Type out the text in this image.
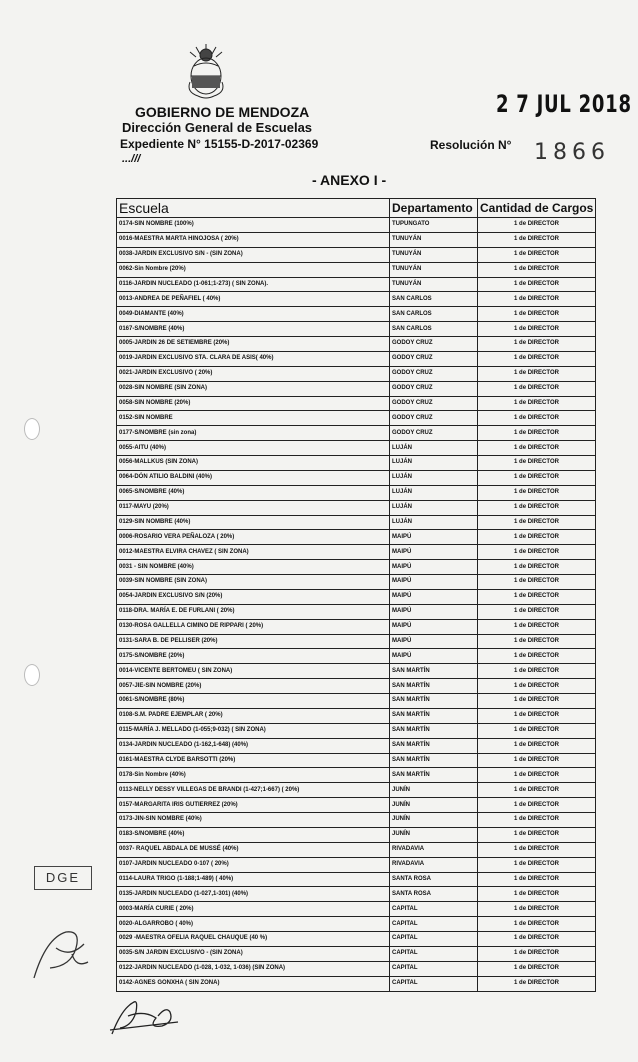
GOBIERNO DE MENDOZA
Dirección General de Escuelas
Expediente N° 15155-D-2017-02369
...///
2 7 JUL 2018
Resolución N° 1866
- ANEXO I -
Escuela	Departamento	Cantidad de Cargos
0174-SIN NOMBRE (100%)	TUPUNGATO	1 de DIRECTOR
0016-MAESTRA MARTA HINOJOSA ( 20%)	TUNUYÁN	1 de DIRECTOR
0038-JARDIN EXCLUSIVO S/N - (SIN ZONA)	TUNUYÁN	1 de DIRECTOR
0062-Sin Nombre (20%)	TUNUYÁN	1 de DIRECTOR
0116-JARDIN NUCLEADO (1-061;1-273) ( SIN ZONA).	TUNUYÁN	1 de DIRECTOR
0013-ANDREA DE PEÑAFIEL ( 40%)	SAN CARLOS	1 de DIRECTOR
0049-DIAMANTE (40%)	SAN CARLOS	1 de DIRECTOR
0167-S/NOMBRE (40%)	SAN CARLOS	1 de DIRECTOR
0005-JARDIN 26 DE SETIEMBRE (20%)	GODOY CRUZ	1 de DIRECTOR
0019-JARDIN EXCLUSIVO STA. CLARA DE ASIS( 40%)	GODOY CRUZ	1 de DIRECTOR
0021-JARDIN EXCLUSIVO ( 20%)	GODOY CRUZ	1 de DIRECTOR
0028-SIN NOMBRE (SIN ZONA)	GODOY CRUZ	1 de DIRECTOR
0058-SIN NOMBRE (20%)	GODOY CRUZ	1 de DIRECTOR
0152-SIN NOMBRE	GODOY CRUZ	1 de DIRECTOR
0177-S/NOMBRE (sin zona)	GODOY CRUZ	1 de DIRECTOR
0055-AITU (40%)	LUJÁN	1 de DIRECTOR
0056-MALLKUS (SIN ZONA)	LUJÁN	1 de DIRECTOR
0064-DÓN ATILIO BALDINI (40%)	LUJÁN	1 de DIRECTOR
0065-S/NOMBRE (40%)	LUJÁN	1 de DIRECTOR
0117-MAYU (20%)	LUJÁN	1 de DIRECTOR
0129-SIN NOMBRE (40%)	LUJÁN	1 de DIRECTOR
0006-ROSARIO VERA PEÑALOZA ( 20%)	MAIPÚ	1 de DIRECTOR
0012-MAESTRA ELVIRA CHAVEZ ( SIN ZONA)	MAIPÚ	1 de DIRECTOR
0031 - SIN NOMBRE (40%)	MAIPÚ	1 de DIRECTOR
0039-SIN NOMBRE (SIN ZONA)	MAIPÚ	1 de DIRECTOR
0054-JARDIN EXCLUSIVO S/N (20%)	MAIPÚ	1 de DIRECTOR
0118-DRA. MARÍA E. DE FURLANI ( 20%)	MAIPÚ	1 de DIRECTOR
0130-ROSA GALLELLA CIMINO DE RIPPARI ( 20%)	MAIPÚ	1 de DIRECTOR
0131-SARA B. DE PELLISER (20%)	MAIPÚ	1 de DIRECTOR
0175-S/NOMBRE (20%)	MAIPÚ	1 de DIRECTOR
0014-VICENTE BERTOMEU ( SIN ZONA)	SAN MARTÍN	1 de DIRECTOR
0057-JIE-SIN NOMBRE (20%)	SAN MARTÍN	1 de DIRECTOR
0061-S/NOMBRE (80%)	SAN MARTÍN	1 de DIRECTOR
0108-S.M. PADRE EJEMPLAR ( 20%)	SAN MARTÍN	1 de DIRECTOR
0115-MARÍA J. MELLADO (1-055;9-032) ( SIN ZONA)	SAN MARTÍN	1 de DIRECTOR
0134-JARDIN NUCLEADO (1-162,1-648) (40%)	SAN MARTÍN	1 de DIRECTOR
0161-MAESTRA CLYDE BARSOTTI (20%)	SAN MARTÍN	1 de DIRECTOR
0178-Sin Nombre (40%)	SAN MARTÍN	1 de DIRECTOR
0113-NELLY DESSY VILLEGAS DE BRANDI (1-427;1-667) ( 20%)	JUNÍN	1 de DIRECTOR
0157-MARGARITA IRIS GUTIERREZ (20%)	JUNÍN	1 de DIRECTOR
0173-JIN-SIN NOMBRE (40%)	JUNÍN	1 de DIRECTOR
0183-S/NOMBRE (40%)	JUNÍN	1 de DIRECTOR
0037- RAQUEL ABDALA DE MUSSÉ (40%)	RIVADAVIA	1 de DIRECTOR
0107-JARDIN NUCLEADO 0-107 ( 20%)	RIVADAVIA	1 de DIRECTOR
0114-LAURA TRIGO (1-188;1-489) ( 40%)	SANTA ROSA	1 de DIRECTOR
0135-JARDIN NUCLEADO (1-027,1-301) (40%)	SANTA ROSA	1 de DIRECTOR
0003-MARÍA CURIE ( 20%)	CAPITAL	1 de DIRECTOR
0020-ALGARROBO ( 40%)	CAPITAL	1 de DIRECTOR
0029 -MAESTRA OFELIA RAQUEL CHAUQUE (40 %)	CAPITAL	1 de DIRECTOR
0035-S/N JARDIN EXCLUSIVO - (SIN ZONA)	CAPITAL	1 de DIRECTOR
0122-JARDIN NUCLEADO (1-028, 1-032, 1-036) (SIN ZONA)	CAPITAL	1 de DIRECTOR
0142-AGNES GONXHA ( SIN ZONA)	CAPITAL	1 de DIRECTOR
DGE
